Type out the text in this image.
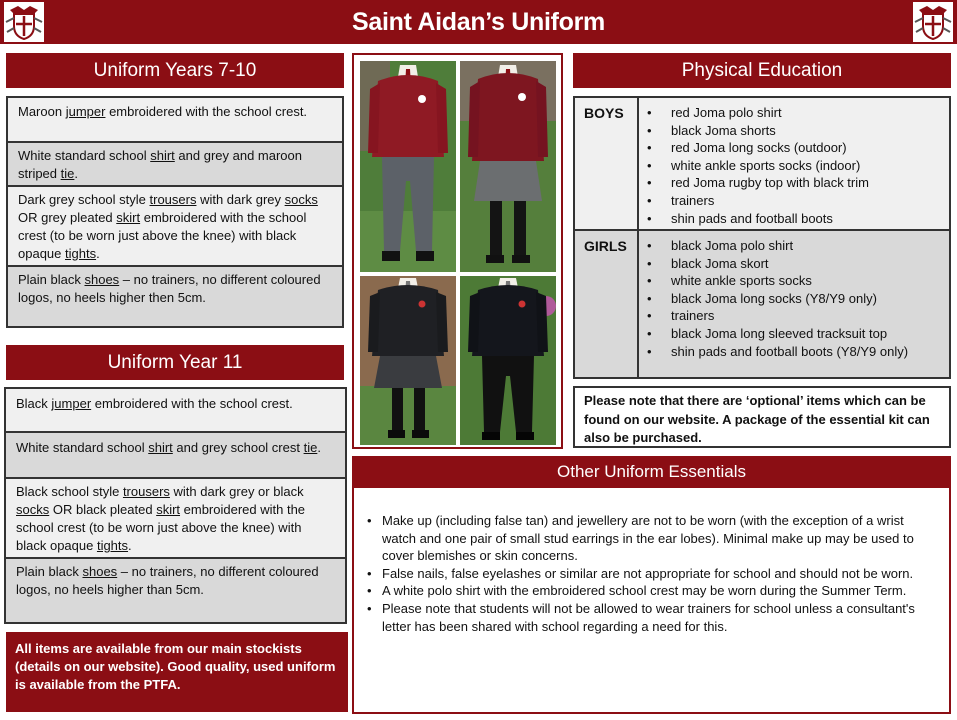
Saint Aidan’s Uniform
Uniform Years 7-10
Maroon jumper embroidered with the school crest.
White standard school shirt and grey and maroon striped tie.
Dark grey school style trousers with dark grey socks OR grey pleated skirt embroidered with the school crest (to be worn just above the knee) with black opaque tights.
Plain black shoes – no trainers, no different coloured logos, no heels higher then 5cm.
Uniform Year 11
Black jumper embroidered with the school crest.
White standard school shirt and grey school crest tie.
Black school style trousers with dark grey or black socks OR black pleated skirt embroidered with the school crest (to be worn just above the knee) with black opaque tights.
Plain black shoes – no trainers, no different coloured logos, no heels higher than 5cm.
All items are available from our main stockists (details on our website). Good quality, used uniform is available from the PTFA.
Physical Education
BOYS	• red Joma polo shirt
• black Joma shorts
• red Joma long socks (outdoor)
• white ankle sports socks (indoor)
• red Joma rugby top with black trim
• trainers
• shin pads and football boots
GIRLS	• black Joma polo shirt
• black Joma skort
• white ankle sports socks
• black Joma long socks (Y8/Y9 only)
• trainers
• black Joma long sleeved tracksuit top
• shin pads and football boots (Y8/Y9 only)
Please note that there are ‘optional’ items which can be found on our website. A package of the essential kit can also be purchased.
Other Uniform Essentials
• Make up (including false tan) and jewellery are not to be worn (with the exception of a wrist watch and one pair of small stud earrings in the ear lobes). Minimal make up may be used to cover blemishes or skin concerns.
• False nails, false eyelashes or similar are not appropriate for school and should not be worn.
• A white polo shirt with the embroidered school crest may be worn during the Summer Term.
• Please note that students will not be allowed to wear trainers for school unless a consultant's letter has been shared with school regarding a need for this.
